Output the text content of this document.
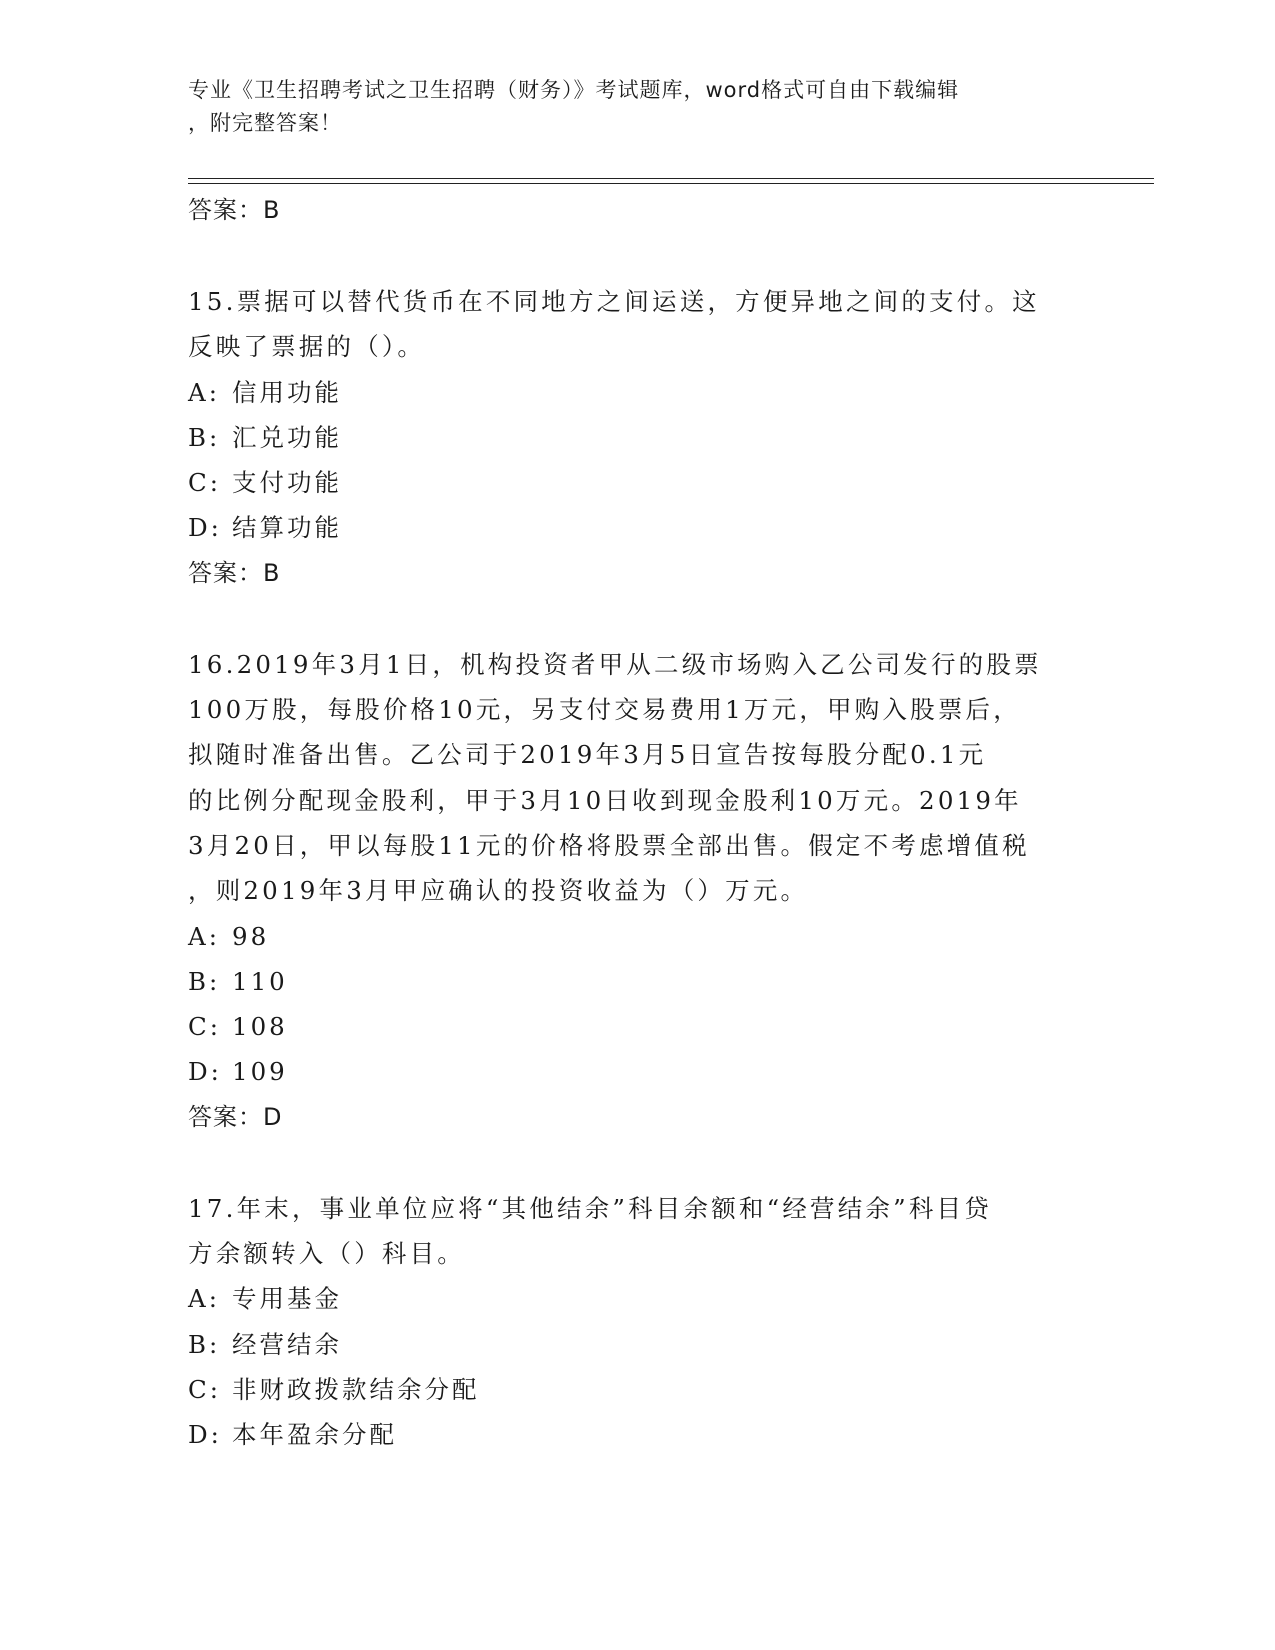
专业《卫生招聘考试之卫生招聘（财务）》考试题库，word格式可自由下载编辑
，附完整答案！

答案：B

15.票据可以替代货币在不同地方之间运送，方便异地之间的支付。这

反映了票据的（）。

A: 信用功能

B: 汇兑功能

C: 支付功能

D: 结算功能

答案：B

16.2019年3月1日，机构投资者甲从二级市场购入乙公司发行的股票

100万股，每股价格10元，另支付交易费用1万元，甲购入股票后，

拟随时准备出售。乙公司于2019年3月5日宣告按每股分配0.1元

的比例分配现金股利，甲于3月10日收到现金股利10万元。2019年

3月20日，甲以每股11元的价格将股票全部出售。假定不考虑增值税

，则2019年3月甲应确认的投资收益为（）万元。

A: 98

B: 110

C: 108

D: 109

答案：D

17.年末，事业单位应将“其他结余”科目余额和“经营结余”科目贷

方余额转入（）科目。

A: 专用基金

B: 经营结余

C: 非财政拨款结余分配

D: 本年盈余分配
